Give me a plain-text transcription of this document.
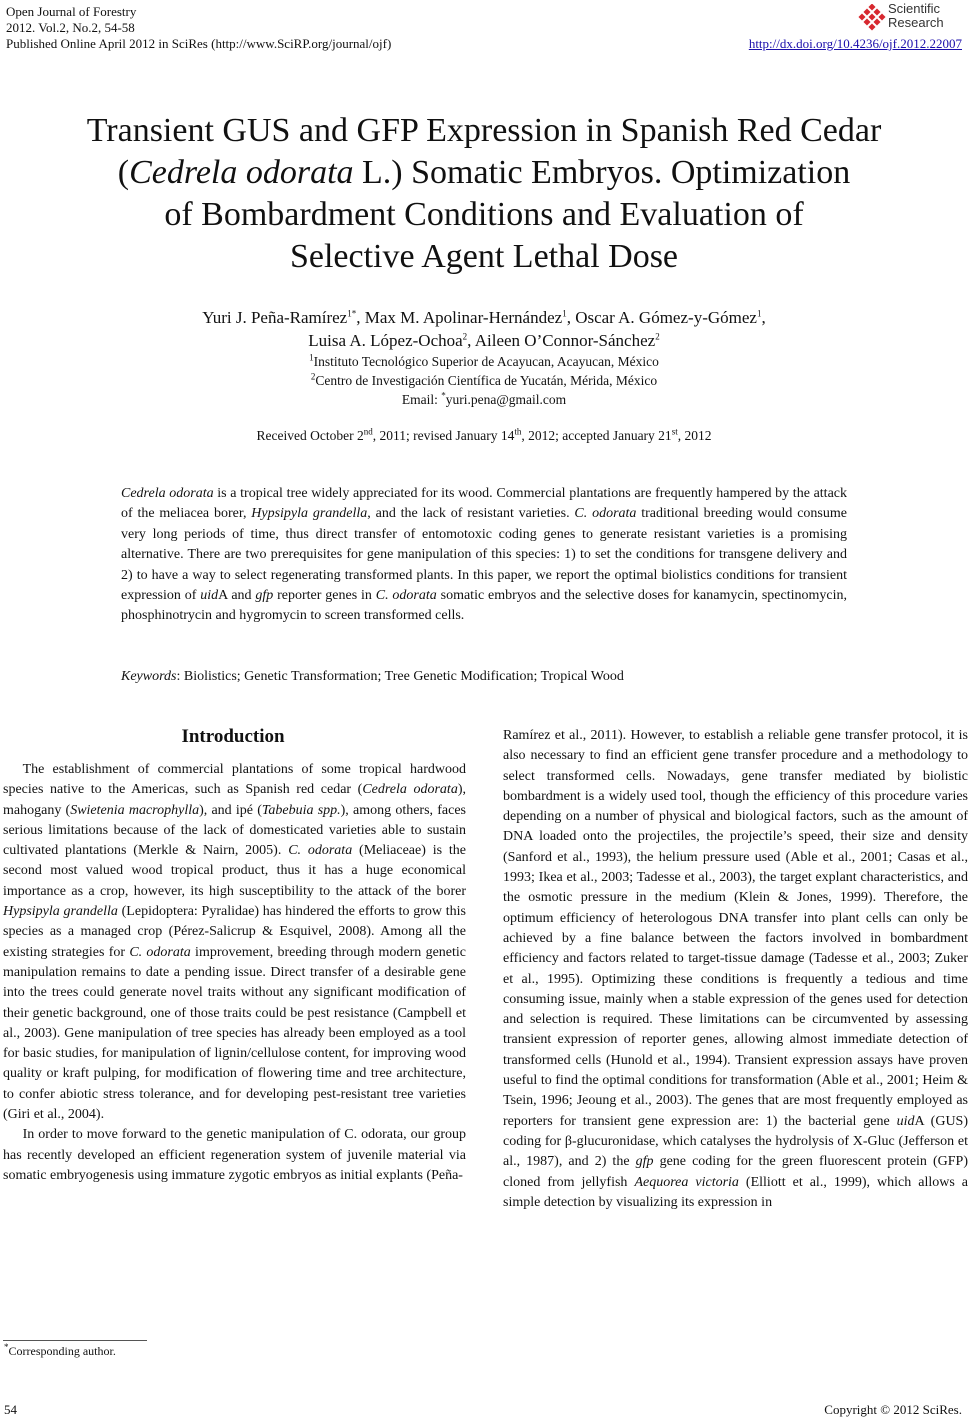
Open Journal of Forestry
2012. Vol.2, No.2, 54-58
Published Online April 2012 in SciRes (http://www.SciRP.org/journal/ojf)
Scientific
Research
http://dx.doi.org/10.4236/ojf.2012.22007
Transient GUS and GFP Expression in Spanish Red Cedar
(Cedrela odorata L.) Somatic Embryos. Optimization
of Bombardment Conditions and Evaluation of
Selective Agent Lethal Dose
Yuri J. Peña-Ramírez$^{1*}$, Max M. Apolinar-Hernández$^1$, Oscar A. Gómez-y-Gómez$^1$,
Luisa A. López-Ochoa$^2$, Aileen O’Connor-Sánchez$^2$
$^1$Instituto Tecnológico Superior de Acayucan, Acayucan, México
$^2$Centro de Investigación Científica de Yucatán, Mérida, México
Email: *yuri.pena@gmail.com
Received October 2nd, 2011; revised January 14th, 2012; accepted January 21st, 2012
Cedrela odorata is a tropical tree widely appreciated for its wood. Commercial plantations are frequently hampered by the attack of the meliacea borer, Hypsipyla grandella, and the lack of resistant varieties. C. odorata traditional breeding would consume very long periods of time, thus direct transfer of entomotoxic coding genes to generate resistant varieties is a promising alternative. There are two prerequisites for gene manipulation of this species: 1) to set the conditions for transgene delivery and 2) to have a way to select regenerating transformed plants. In this paper, we report the optimal biolistics conditions for transient expression of uidA and gfp reporter genes in C. odorata somatic embryos and the selective doses for kanamycin, spectinomycin, phosphinotrycin and hygromycin to screen transformed cells.
Keywords: Biolistics; Genetic Transformation; Tree Genetic Modification; Tropical Wood
Introduction

The establishment of commercial plantations of some tropical hardwood species native to the Americas, such as Spanish red cedar (Cedrela odorata), mahogany (Swietenia macrophylla), and ipé (Tabebuia spp.), among others, faces serious limitations because of the lack of domesticated varieties able to sustain cultivated plantations (Merkle & Nairn, 2005). C. odorata (Meliaceae) is the second most valued wood tropical product, thus it has a huge economical importance as a crop, however, its high susceptibility to the attack of the borer Hypsipyla grandella (Lepidoptera: Pyralidae) has hindered the efforts to grow this species as a managed crop (Pérez-Salicrup & Esquivel, 2008). Among all the existing strategies for C. odorata improvement, breeding through modern genetic manipulation remains to date a pending issue. Direct transfer of a desirable gene into the trees could generate novel traits without any significant modification of their genetic background, one of those traits could be pest resistance (Campbell et al., 2003). Gene manipulation of tree species has already been employed as a tool for basic studies, for manipulation of lignin/cellulose content, for improving wood quality or kraft pulping, for modification of flowering time and tree architecture, to confer abiotic stress tolerance, and for developing pest-resistant tree varieties (Giri et al., 2004).

In order to move forward to the genetic manipulation of C. odorata, our group has recently developed an efficient regeneration system of juvenile material via somatic embryogenesis using immature zygotic embryos as initial explants (Peña-

Ramírez et al., 2011). However, to establish a reliable gene transfer protocol, it is also necessary to find an efficient gene transfer procedure and a methodology to select transformed cells. Nowadays, gene transfer mediated by biolistic bombardment is a widely used tool, though the efficiency of this procedure varies depending on a number of physical and biological factors, such as the amount of DNA loaded onto the projectiles, the projectile’s speed, their size and density (Sanford et al., 1993), the helium pressure used (Able et al., 2001; Casas et al., 1993; Ikea et al., 2003; Tadesse et al., 2003), the target explant characteristics, and the osmotic pressure in the medium (Klein & Jones, 1999). Therefore, the optimum efficiency of heterologous DNA transfer into plant cells can only be achieved by a fine balance between the factors involved in bombardment efficiency and factors related to target-tissue damage (Tadesse et al., 2003; Zuker et al., 1995). Optimizing these conditions is frequently a tedious and time consuming issue, mainly when a stable expression of the genes used for detection and selection is required. These limitations can be circumvented by assessing transient expression of reporter genes, allowing almost immediate detection of transformed cells (Hunold et al., 1994). Transient expression assays have proven useful to find the optimal conditions for transformation (Able et al., 2001; Heim & Tsein, 1996; Jeoung et al., 2003). The genes that are most frequently employed as reporters for transient gene expression are: 1) the bacterial gene uidA (GUS) coding for β-glucuronidase, which catalyses the hydrolysis of X-Gluc (Jefferson et al., 1987), and 2) the gfp gene coding for the green fluorescent protein (GFP) cloned from jellyfish Aequorea victoria (Elliott et al., 1999), which allows a simple detection by visualizing its expression in

*Corresponding author.
54	Copyright © 2012 SciRes.
